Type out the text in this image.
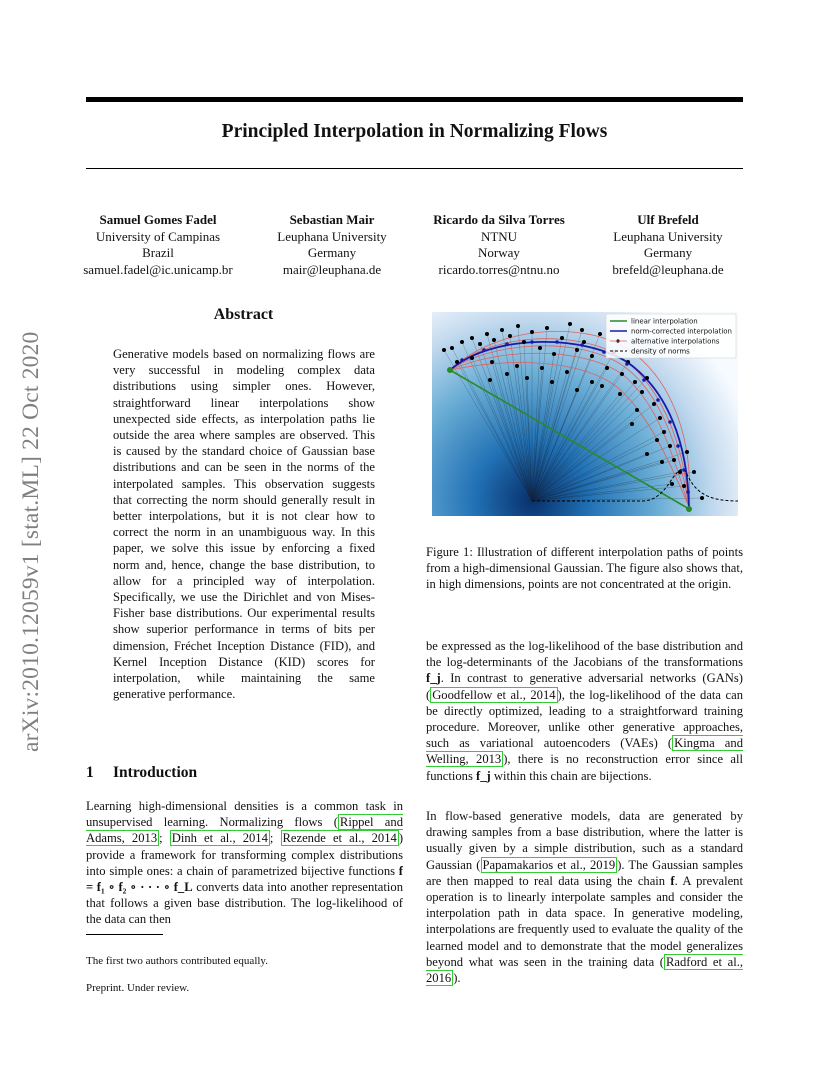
arXiv:2010.12059v1 [stat.ML] 22 Oct 2020
Principled Interpolation in Normalizing Flows
Samuel Gomes Fadel
University of Campinas
Brazil
samuel.fadel@ic.unicamp.br
Sebastian Mair
Leuphana University
Germany
mair@leuphana.de
Ricardo da Silva Torres
NTNU
Norway
ricardo.torres@ntnu.no
Ulf Brefeld
Leuphana University
Germany
brefeld@leuphana.de
Abstract
Generative models based on normalizing flows are very successful in modeling complex data distributions using simpler ones. However, straightforward linear interpolations show unexpected side effects, as interpolation paths lie outside the area where samples are observed. This is caused by the standard choice of Gaussian base distributions and can be seen in the norms of the interpolated samples. This observation suggests that correcting the norm should generally result in better interpolations, but it is not clear how to correct the norm in an unambiguous way. In this paper, we solve this issue by enforcing a fixed norm and, hence, change the base distribution, to allow for a principled way of interpolation. Specifically, we use the Dirichlet and von Mises-Fisher base distributions. Our experimental results show superior performance in terms of bits per dimension, Fréchet Inception Distance (FID), and Kernel Inception Distance (KID) scores for interpolation, while maintaining the same generative performance.
1 Introduction
Learning high-dimensional densities is a common task in unsupervised learning. Normalizing flows ( Rippel and Adams, 2013 ; Dinh et al., 2014 ; Rezende et al., 2014 ) provide a framework for transforming complex distributions into simple ones: a chain of parametrized bijective functions f = f₁ ∘ f₂ ∘ · · · ∘ f_L converts data into another representation that follows a given base distribution. The log-likelihood of the data can then
The first two authors contributed equally.
Preprint. Under review.
linear interpolation
norm-corrected interpolation
alternative interpolations
density of norms
Figure 1: Illustration of different interpolation paths of points from a high-dimensional Gaussian. The figure also shows that, in high dimensions, points are not concentrated at the origin.
be expressed as the log-likelihood of the base distribution and the log-determinants of the Jacobians of the transformations f_j. In contrast to generative adversarial networks (GANs) ( Goodfellow et al., 2014 ), the log-likelihood of the data can be directly optimized, leading to a straightforward training procedure. Moreover, unlike other generative approaches, such as variational autoencoders (VAEs) ( Kingma and Welling, 2013 ), there is no reconstruction error since all functions f_j within this chain are bijections.
In flow-based generative models, data are generated by drawing samples from a base distribution, where the latter is usually given by a simple distribution, such as a standard Gaussian ( Papamakarios et al., 2019 ). The Gaussian samples are then mapped to real data using the chain f. A prevalent operation is to linearly interpolate samples and consider the interpolation path in data space. In generative modeling, interpolations are frequently used to evaluate the quality of the learned model and to demonstrate that the model generalizes beyond what was seen in the training data ( Radford et al., 2016 ).
